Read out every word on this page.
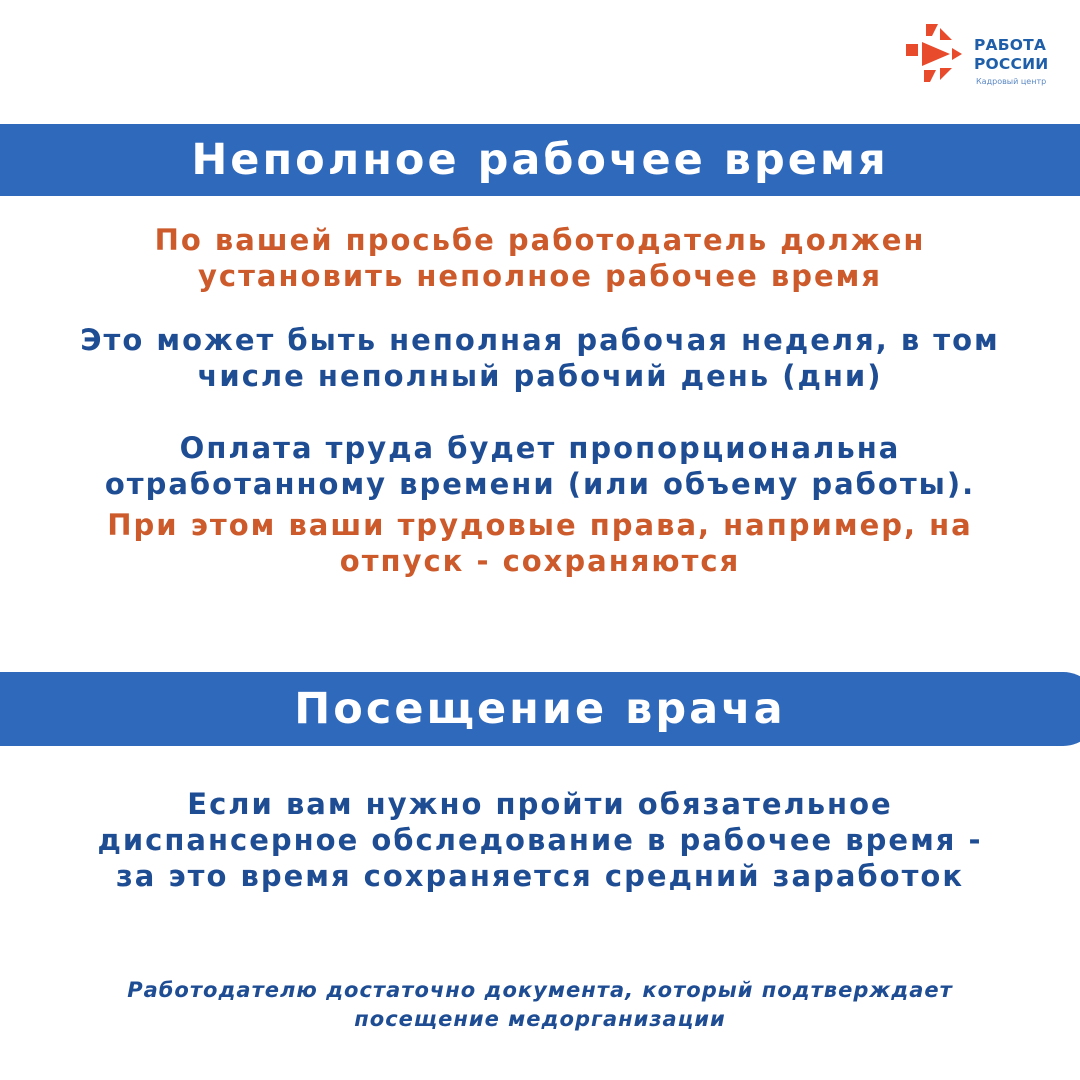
РАБОТА
РОССИИ
Кадровый центр
Неполное рабочее время
По вашей просьбе работодатель должен
установить неполное рабочее время
Это может быть неполная рабочая неделя, в том
числе неполный рабочий день (дни)
Оплата труда будет пропорциональна
отработанному времени (или объему работы).
При этом ваши трудовые права, например, на
отпуск - сохраняются
Посещение врача
Если вам нужно пройти обязательное
диспансерное обследование в рабочее время -
за это время сохраняется средний заработок
Работодателю достаточно документа, который подтверждает
посещение медорганизации
